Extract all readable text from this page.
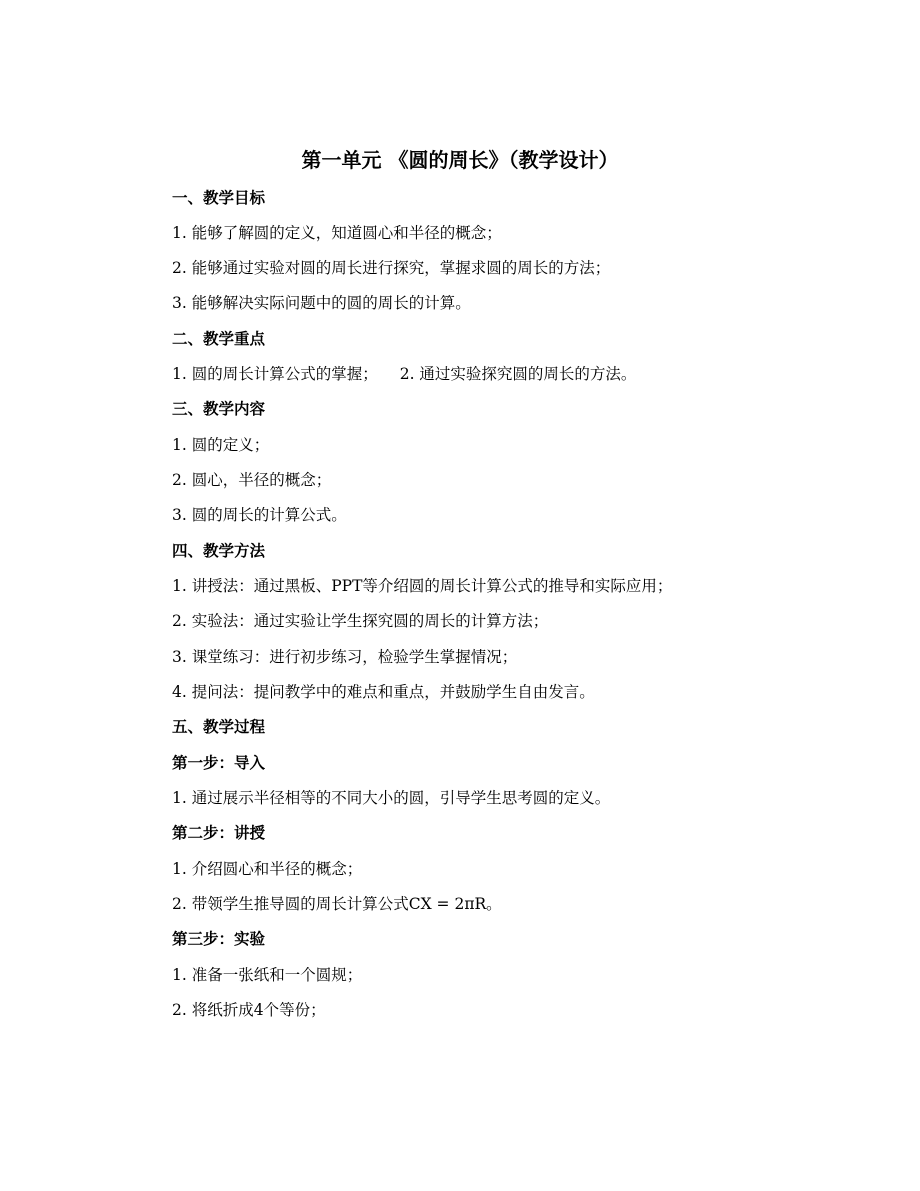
第一单元 《圆的周长》（教学设计）
一、教学目标
1. 能够了解圆的定义，知道圆心和半径的概念；
2. 能够通过实验对圆的周长进行探究，掌握求圆的周长的方法；
3. 能够解决实际问题中的圆的周长的计算。
二、教学重点
1. 圆的周长计算公式的掌握； 2. 通过实验探究圆的周长的方法。
三、教学内容
1. 圆的定义；
2. 圆心，半径的概念；
3. 圆的周长的计算公式。
四、教学方法
1. 讲授法：通过黑板、PPT等介绍圆的周长计算公式的推导和实际应用；
2. 实验法：通过实验让学生探究圆的周长的计算方法；
3. 课堂练习：进行初步练习，检验学生掌握情况；
4. 提问法：提问教学中的难点和重点，并鼓励学生自由发言。
五、教学过程
第一步：导入
1. 通过展示半径相等的不同大小的圆，引导学生思考圆的定义。
第二步：讲授
1. 介绍圆心和半径的概念；
2. 带领学生推导圆的周长计算公式CX = 2πR。
第三步：实验
1. 准备一张纸和一个圆规；
2. 将纸折成4个等份；
